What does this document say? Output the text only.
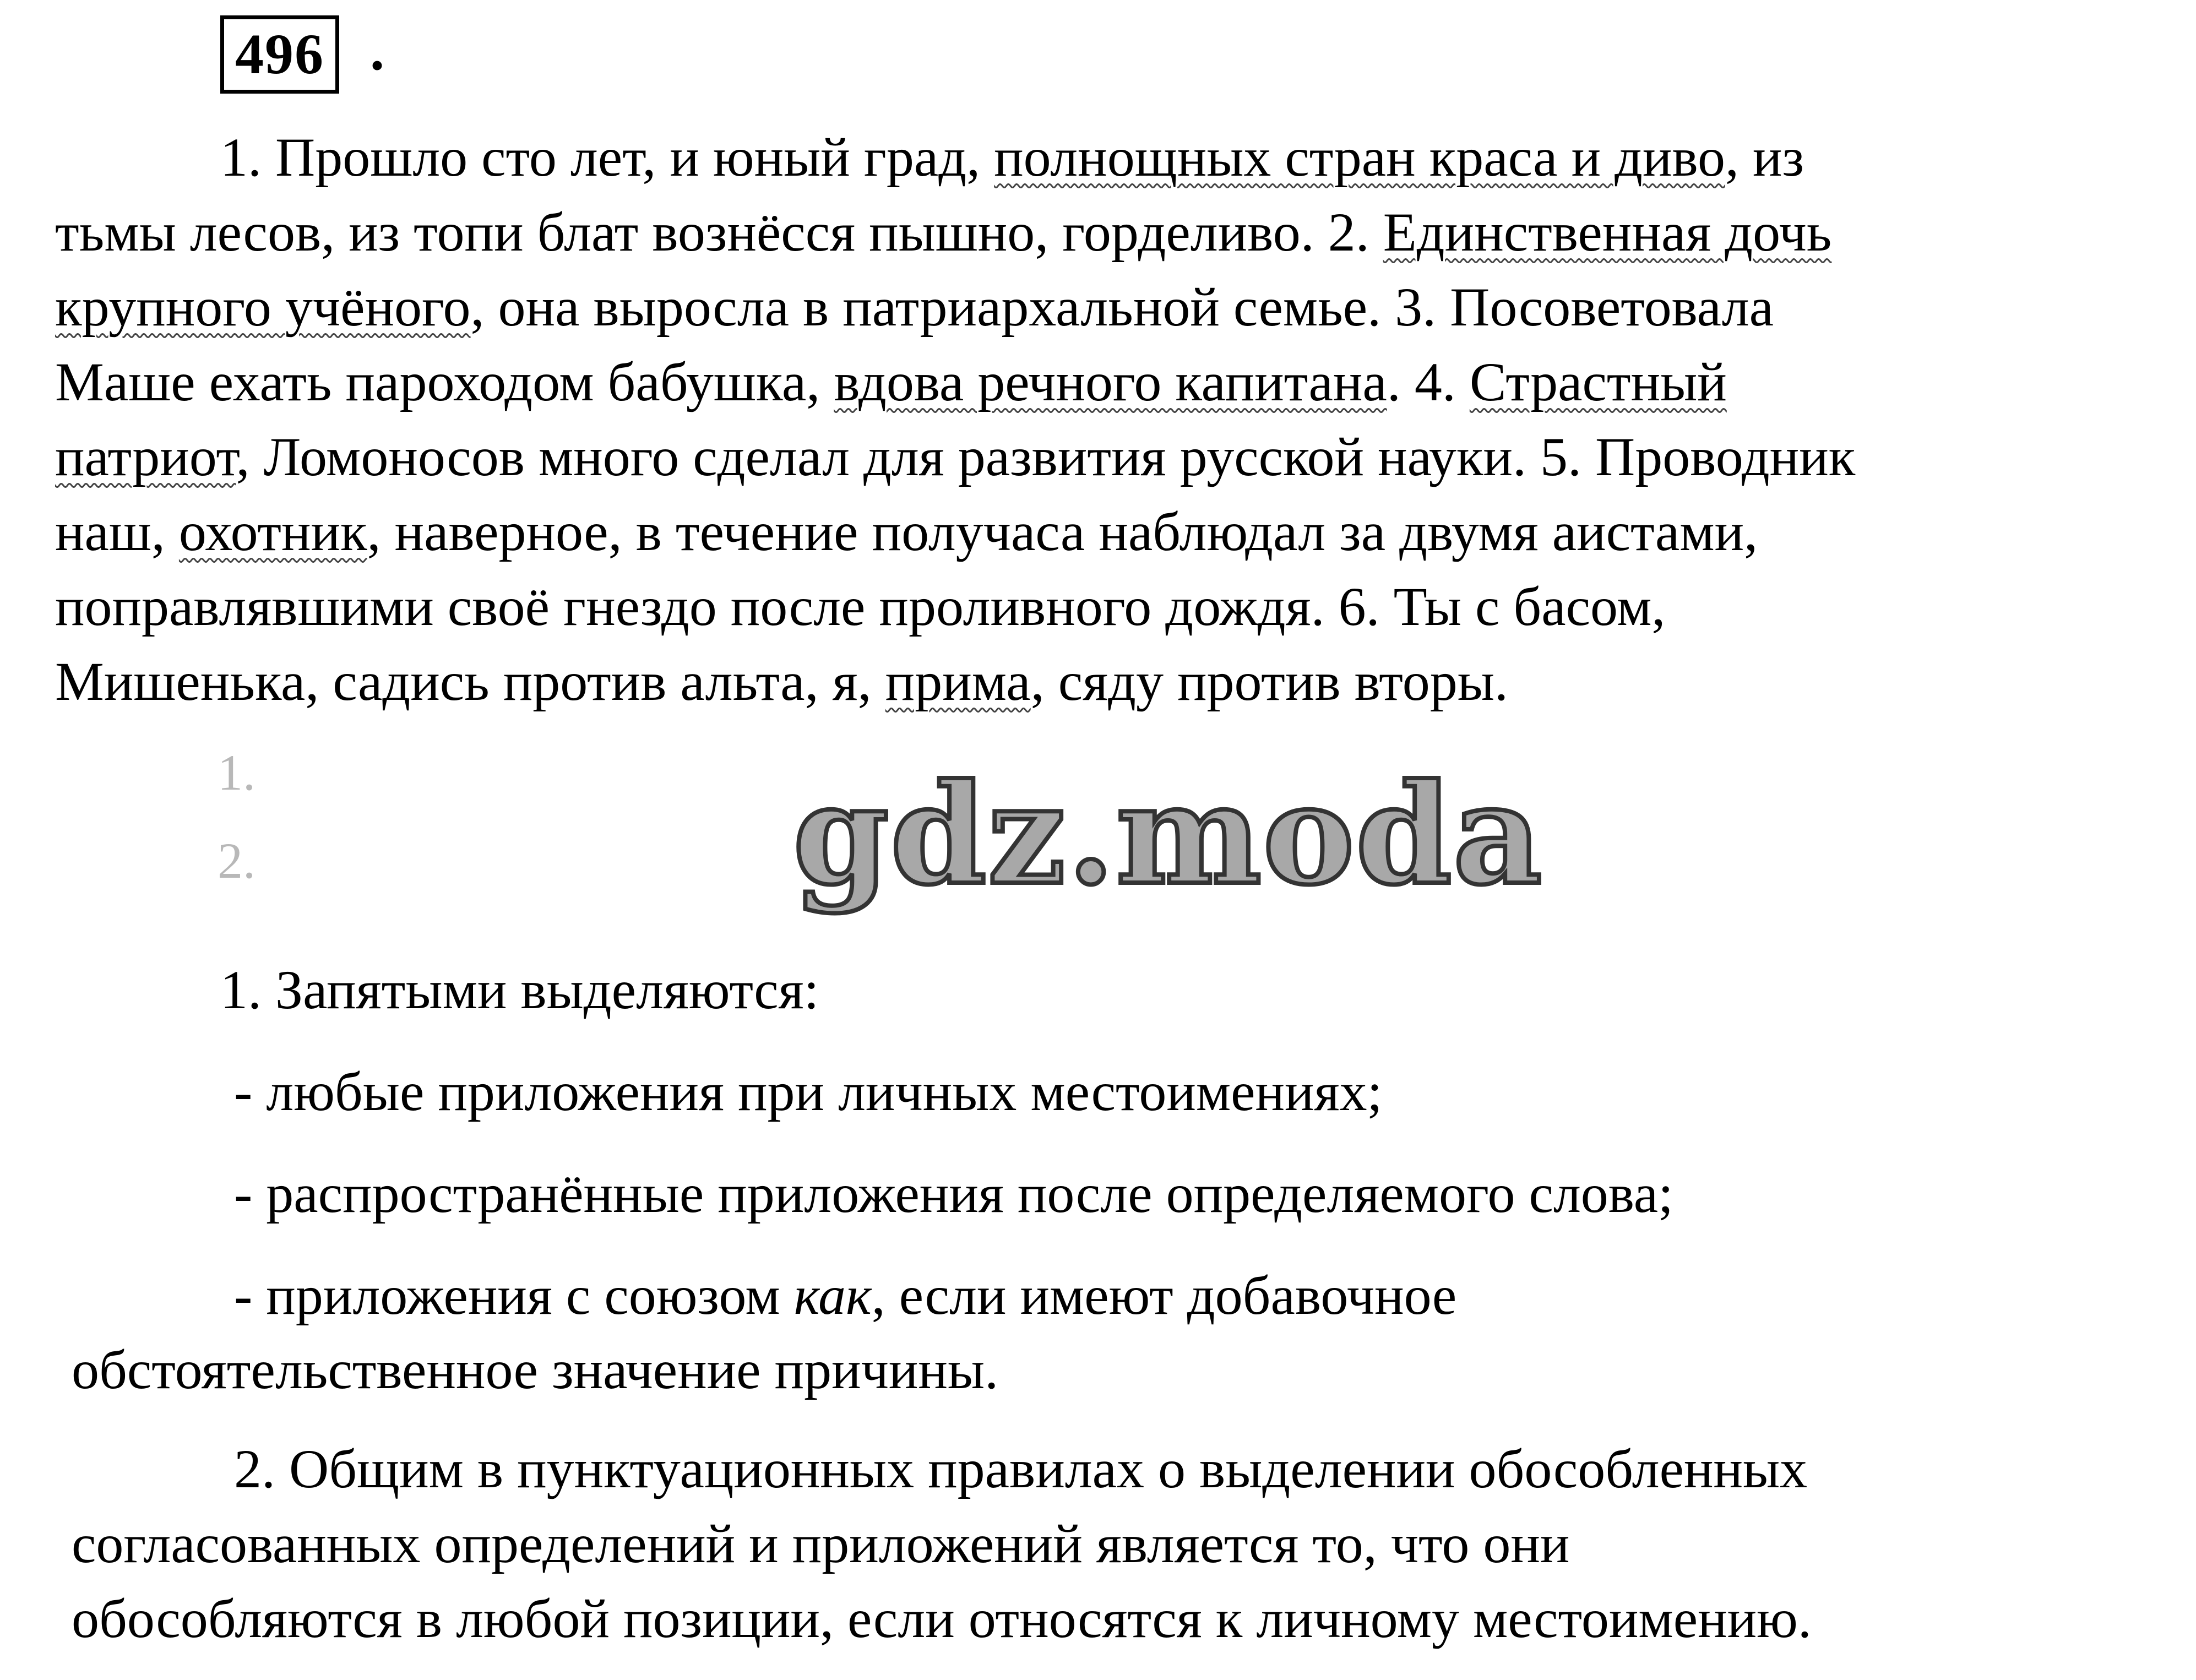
496 .
1. Прошло сто лет, и юный град, полнощных стран краса и диво, из
тьмы лесов, из топи блат вознёсся пышно, горделиво. 2. Единственная дочь
крупного учёного, она выросла в патриархальной семье. 3. Посоветовала
Маше ехать пароходом бабушка, вдова речного капитана. 4. Страстный
патриот, Ломоносов много сделал для развития русской науки. 5. Проводник
наш, охотник, наверное, в течение получаса наблюдал за двумя аистами,
поправлявшими своё гнездо после проливного дождя. 6. Ты с басом,
Мишенька, садись против альта, я, прима, сяду против вторы.
1.
2.	gdz.moda
1. Запятыми выделяются:
- любые приложения при личных местоимениях;
- распространённые приложения после определяемого слова;
- приложения с союзом как, если имеют добавочное
обстоятельственное значение причины.
2. Общим в пунктуационных правилах о выделении обособленных
согласованных определений и приложений является то, что они
обособляются в любой позиции, если относятся к личному местоимению.
